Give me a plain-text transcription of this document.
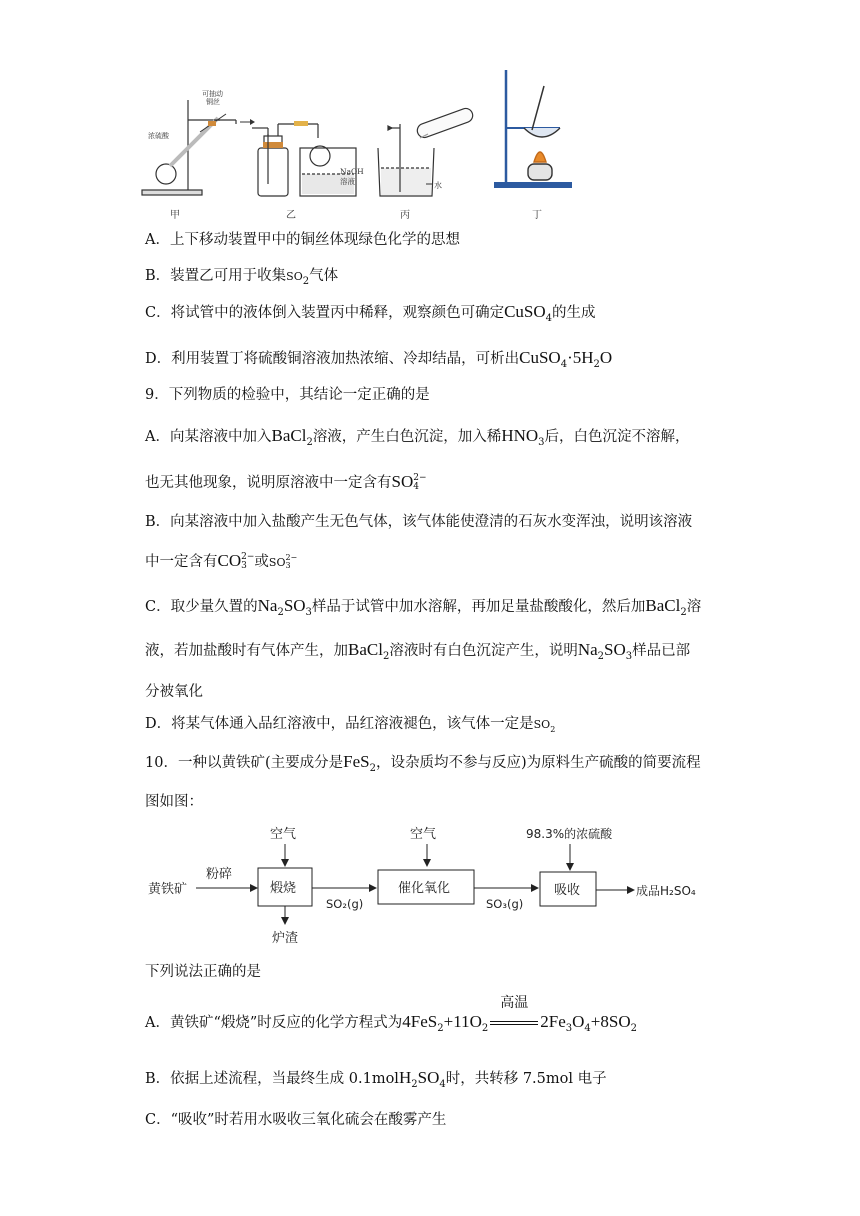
可抽动
铜丝
浓硫酸
NaOH
溶液	水
甲	乙	丙	丁
A．上下移动装置甲中的铜丝体现绿色化学的思想
B．装置乙可用于收集$SO_2$气体
C．将试管中的液体倒入装置丙中稀释，观察颜色可确定CuSO$_4$的生成
D．利用装置丁将硫酸铜溶液加热浓缩、冷却结晶，可析出$CuSO_4\cdot 5H_2O$
9．下列物质的检验中，其结论一定正确的是
A．向某溶液中加入BaCl$_2$溶液，产生白色沉淀，加入稀$HNO_3$后，白色沉淀不溶解，
也无其他现象，说明原溶液中一定含有SO 2−
4
B．向某溶液中加入盐酸产生无色气体，该气体能使澄清的石灰水变浑浊，说明该溶液
中一定含有CO 2−
3 或SO 2−
3
C．取少量久置的$Na_2SO_3$样品于试管中加水溶解，再加足量盐酸酸化，然后加BaCl$_2$溶
液，若加盐酸时有气体产生，加BaCl$_2$溶液时有白色沉淀产生，说明$Na_2SO_3$样品已部
分被氧化
D．将某气体通入品红溶液中，品红溶液褪色，该气体一定是$SO_2$
10．一种以黄铁矿(主要成分是FeS$_2$，设杂质均不参与反应)为原料生产硫酸的简要流程
图如图：
黄铁矿
粉碎
空气
煅烧
炉渣
SO₂(g)
空气
催化氧化
SO₃(g)
98.3%的浓硫酸
吸收	成品H₂SO₄
下列说法正确的是
A．黄铁矿“煅烧”时反应的化学方程式为$4FeS_2+11O_2$
高温
$2Fe_3O_4+8SO_2$
B．依据上述流程，当最终生成 $0.1molH_2SO_4$时，共转移 7.5mol 电子
C．“吸收”时若用水吸收三氧化硫会在酸雾产生
